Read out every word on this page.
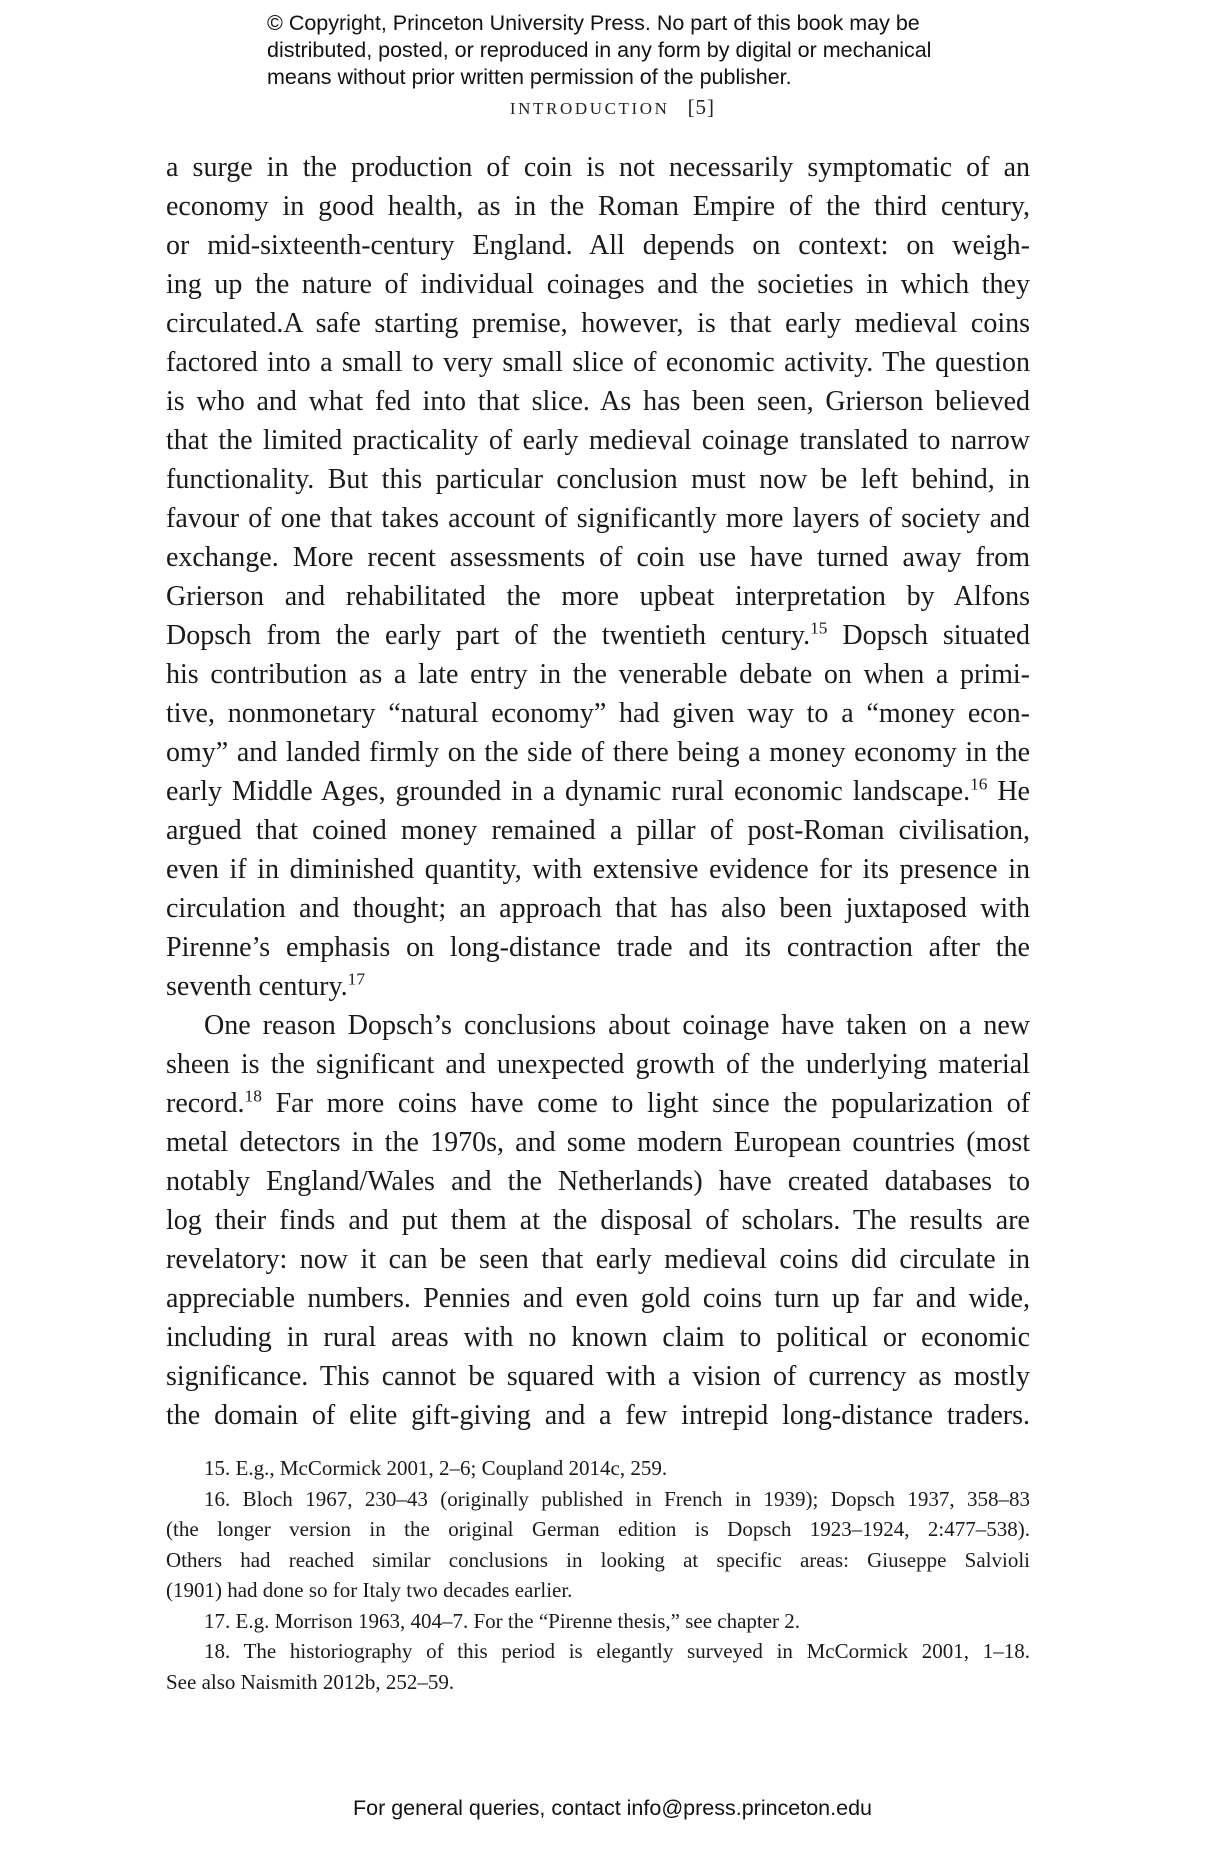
© Copyright, Princeton University Press. No part of this book may be
distributed, posted, or reproduced in any form by digital or mechanical
means without prior written permission of the publisher.
INTRODUCTION [5]
a surge in the production of coin is not necessarily symptomatic of an
economy in good health, as in the Roman Empire of the third century,
or mid-sixteenth-century England. All depends on context: on weigh-
ing up the nature of individual coinages and the societies in which they
circulated.A safe starting premise, however, is that early medieval coins
factored into a small to very small slice of economic activity. The question
is who and what fed into that slice. As has been seen, Grierson believed
that the limited practicality of early medieval coinage translated to narrow
functionality. But this particular conclusion must now be left behind, in
favour of one that takes account of significantly more layers of society and
exchange. More recent assessments of coin use have turned away from
Grierson and rehabilitated the more upbeat interpretation by Alfons
Dopsch from the early part of the twentieth century.$^{15}$ Dopsch situated
his contribution as a late entry in the venerable debate on when a primi-
tive, nonmonetary “natural economy” had given way to a “money econ-
omy” and landed firmly on the side of there being a money economy in the
early Middle Ages, grounded in a dynamic rural economic landscape.$^{16}$ He
argued that coined money remained a pillar of post-Roman civilisation,
even if in diminished quantity, with extensive evidence for its presence in
circulation and thought; an approach that has also been juxtaposed with
Pirenne’s emphasis on long-distance trade and its contraction after the
seventh century.$^{17}$
One reason Dopsch’s conclusions about coinage have taken on a new
sheen is the significant and unexpected growth of the underlying material
record.$^{18}$ Far more coins have come to light since the popularization of
metal detectors in the 1970s, and some modern European countries (most
notably England/Wales and the Netherlands) have created databases to
log their finds and put them at the disposal of scholars. The results are
revelatory: now it can be seen that early medieval coins did circulate in
appreciable numbers. Pennies and even gold coins turn up far and wide,
including in rural areas with no known claim to political or economic
significance. This cannot be squared with a vision of currency as mostly
the domain of elite gift-giving and a few intrepid long-distance traders.
15. E.g., McCormick 2001, 2–6; Coupland 2014c, 259.
16. Bloch 1967, 230–43 (originally published in French in 1939); Dopsch 1937, 358–83
(the longer version in the original German edition is Dopsch 1923–1924, 2:477–538).
Others had reached similar conclusions in looking at specific areas: Giuseppe Salvioli
(1901) had done so for Italy two decades earlier.
17. E.g. Morrison 1963, 404–7. For the “Pirenne thesis,” see chapter 2.
18. The historiography of this period is elegantly surveyed in McCormick 2001, 1–18.
See also Naismith 2012b, 252–59.
For general queries, contact info@press.princeton.edu
